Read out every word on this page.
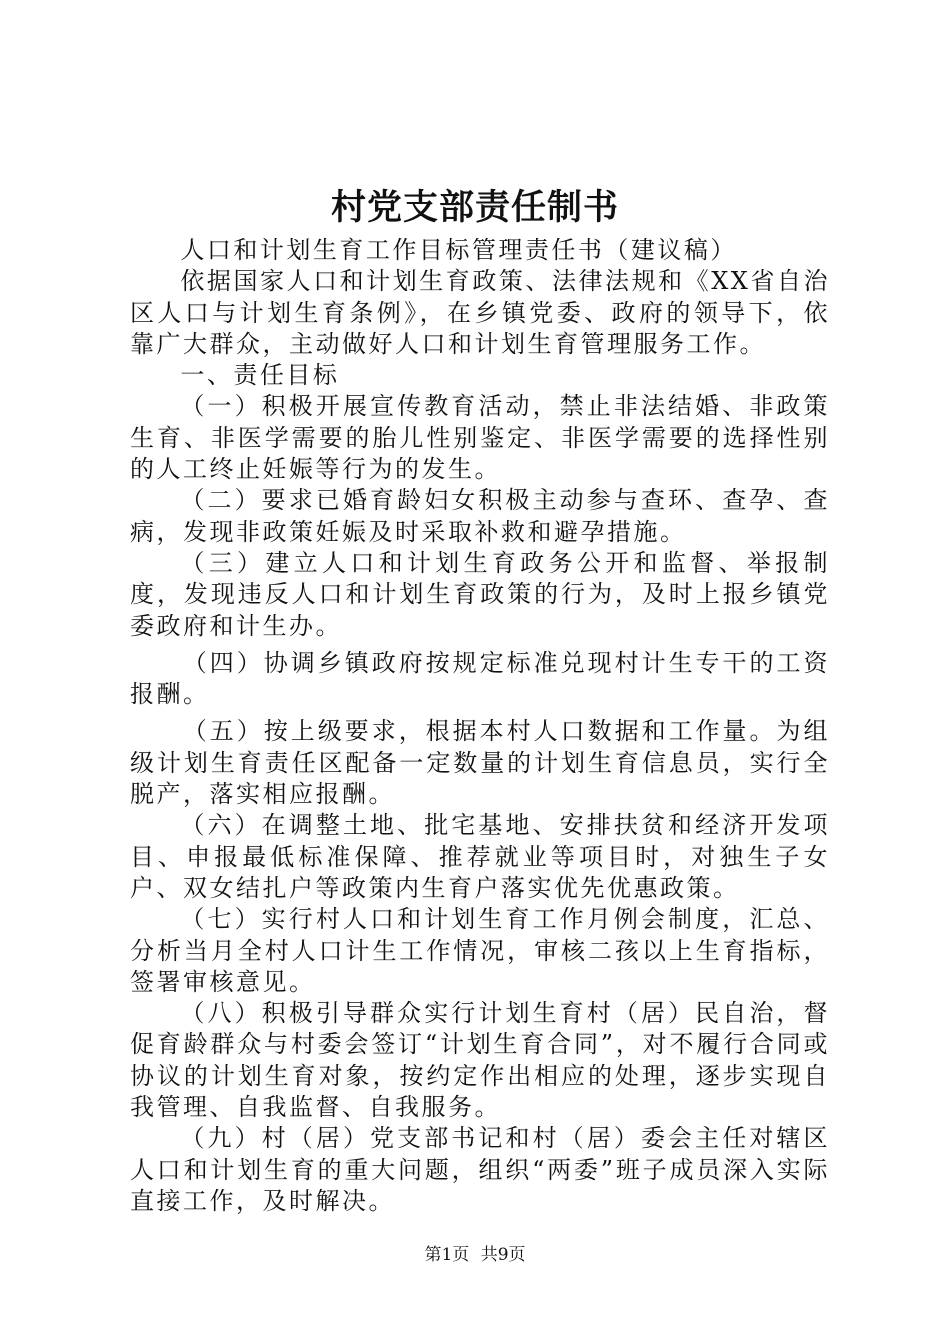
村党支部责任制书

人口和计划生育工作目标管理责任书（建议稿）

依据国家人口和计划生育政策、法律法规和《XX省自治区人口与计划生育条例》，在乡镇党委、政府的领导下，依靠广大群众，主动做好人口和计划生育管理服务工作。

一、责任目标

（一）积极开展宣传教育活动，禁止非法结婚、非政策生育、非医学需要的胎儿性别鉴定、非医学需要的选择性别的人工终止妊娠等行为的发生。

（二）要求已婚育龄妇女积极主动参与查环、查孕、查病，发现非政策妊娠及时采取补救和避孕措施。

（三）建立人口和计划生育政务公开和监督、举报制度，发现违反人口和计划生育政策的行为，及时上报乡镇党委政府和计生办。

（四）协调乡镇政府按规定标准兑现村计生专干的工资报酬。

（五）按上级要求，根据本村人口数据和工作量。为组级计划生育责任区配备一定数量的计划生育信息员，实行全脱产，落实相应报酬。

（六）在调整土地、批宅基地、安排扶贫和经济开发项目、申报最低标准保障、推荐就业等项目时，对独生子女户、双女结扎户等政策内生育户落实优先优惠政策。

（七）实行村人口和计划生育工作月例会制度，汇总、分析当月全村人口计生工作情况，审核二孩以上生育指标，签署审核意见。

（八）积极引导群众实行计划生育村（居）民自治，督促育龄群众与村委会签订“计划生育合同”，对不履行合同或协议的计划生育对象，按约定作出相应的处理，逐步实现自我管理、自我监督、自我服务。

（九）村（居）党支部书记和村（居）委会主任对辖区人口和计划生育的重大问题，组织“两委”班子成员深入实际直接工作，及时解决。

第1页 共9页
